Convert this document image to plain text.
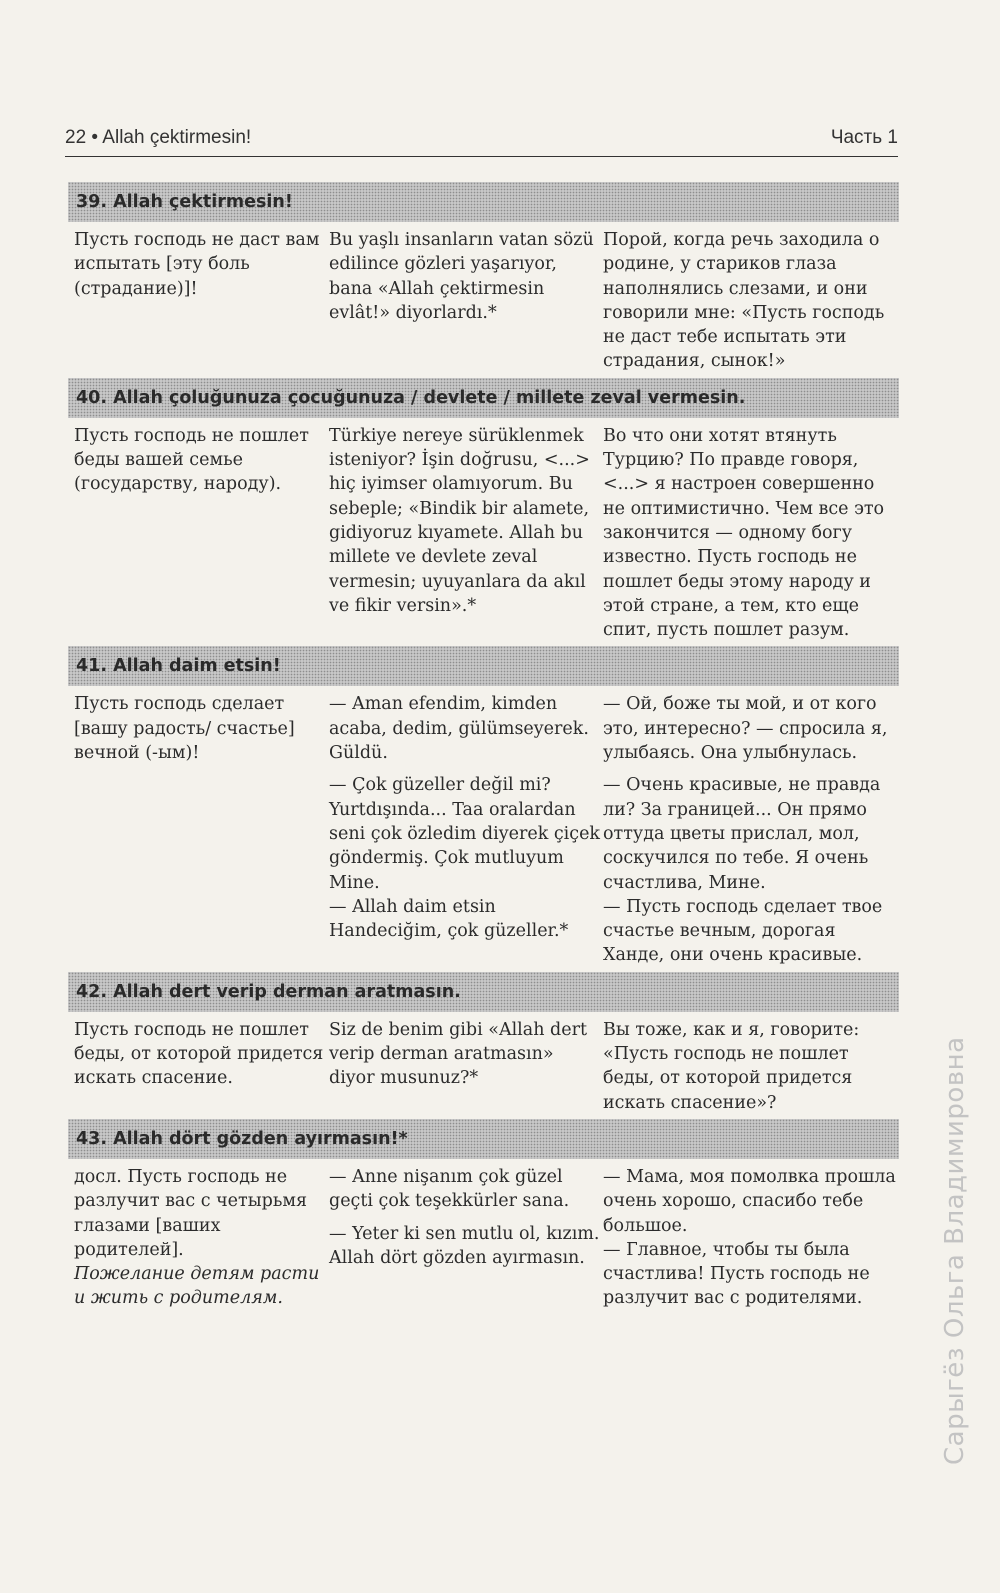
22 • Allah çektirmesin!	Часть 1
39. Allah çektirmesin!

Пусть господь не даст вам испытать [эту боль (страдание)]!

Bu yaşlı insanların vatan sözü edilince gözleri yaşarıyor, bana «Allah çektirmesin evlât!» diyorlardı.*

Порой, когда речь заходила о родине, у стариков глаза наполнялись слезами, и они говорили мне: «Пусть господь не даст тебе испытать эти страдания, сынок!»

40. Allah çoluğunuza çocuğunuza / devlete / millete zeval vermesin.

Пусть господь не пошлет беды вашей семье (государству, народу).

Türkiye nereye sürüklenmek isteniyor? İşin doğrusu, <...> hiç iyimser olamıyorum. Bu sebeple; «Bindik bir alamete, gidiyoruz kıyamete. Allah bu millete ve devlete zeval vermesin; uyuyanlara da akıl ve fikir versin».*

Во что они хотят втянуть Турцию? По правде говоря, <...> я настроен совершенно не оптимистично. Чем все это закончится — одному богу известно. Пусть господь не пошлет беды этому народу и этой стране, а тем, кто еще спит, пусть пошлет разум.

41. Allah daim etsin!

Пусть господь сделает [вашу радость/ счастье] вечной (-ым)!

— Aman efendim, kimden acaba, dedim, gülümseyerek. Güldü.

— Çok güzeller değil mi? Yurtdışında... Taa oralardan seni çok özledim diyerek çiçek göndermiş. Çok mutluyum Mine.

— Allah daim etsin Handeciğim, çok güzeller.*

— Ой, боже ты мой, и от кого это, интересно? — спросила я, улыбаясь. Она улыбнулась.

— Очень красивые, не правда ли? За границей... Он прямо оттуда цветы прислал, мол, соскучился по тебе. Я очень счастлива, Мине.

— Пусть господь сделает твое счастье вечным, дорогая Ханде, они очень красивые.

42. Allah dert verip derman aratmasın.

Пусть господь не пошлет беды, от которой придется искать спасение.

Siz de benim gibi «Allah dert verip derman aratmasın» diyor musunuz?*

Вы тоже, как и я, говорите: «Пусть господь не пошлет беды, от которой придется искать спасение»?

43. Allah dört gözden ayırmasın!*

досл. Пусть господь не разлучит вас с четырьмя глазами [ваших родителей].

Пожелание детям расти и жить с родителям.

— Anne nişanım çok güzel geçti çok teşekkürler sana.

— Yeter ki sen mutlu ol, kızım. Allah dört gözden ayırmasın.

— Мама, моя помолвка прошла очень хорошо, спасибо тебе большое.

— Главное, чтобы ты была счастлива! Пусть господь не разлучит вас с родителями.	Сарыгёз Ольга Владимировна
